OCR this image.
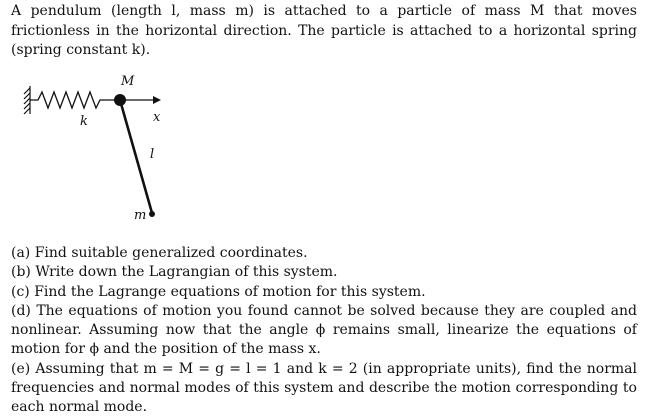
A pendulum (length l, mass m) is attached to a particle of mass M that moves frictionless in the horizontal direction. The particle is attached to a horizontal spring (spring constant k).

M
k	x
l
m

(a) Find suitable generalized coordinates.

(b) Write down the Lagrangian of this system.

(c) Find the Lagrange equations of motion for this system.

(d) The equations of motion you found cannot be solved because they are coupled and nonlinear. Assuming now that the angle ϕ remains small, linearize the equations of motion for ϕ and the position of the mass x.

(e) Assuming that m = M = g = l = 1 and k = 2 (in appropriate units), find the normal frequencies and normal modes of this system and describe the motion corresponding to each normal mode.
